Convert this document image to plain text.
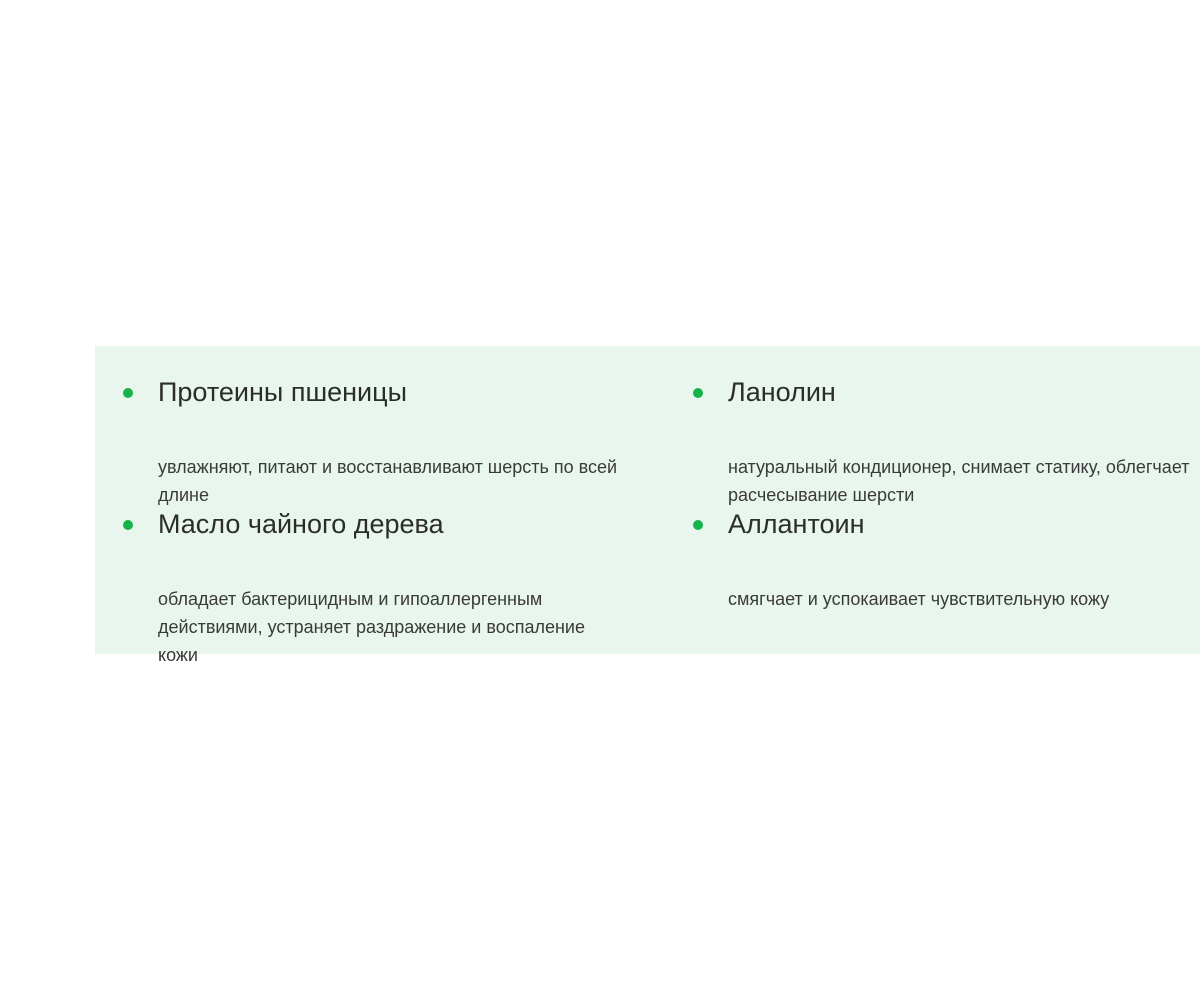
Протеины пшеницы
увлажняют, питают и восстанавливают шерсть по всей длине
Ланолин
натуральный кондиционер, снимает статику, облегчает расчесывание шерсти
Масло чайного дерева
обладает бактерицидным и гипоаллергенным действиями, устраняет раздражение и воспаление кожи
Аллантоин
смягчает и успокаивает чувствительную кожу
